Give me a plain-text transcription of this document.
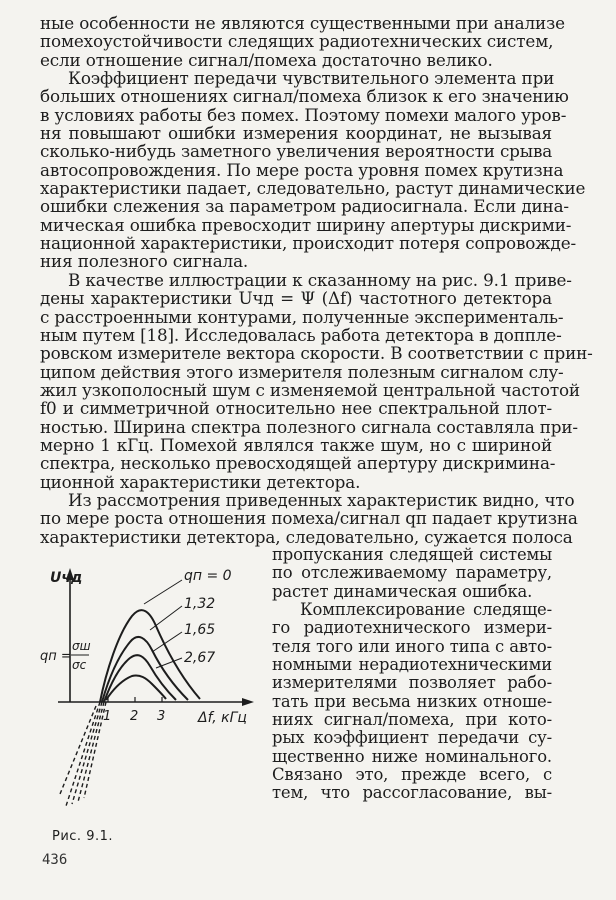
ные особенности не являются существенными при анализе
помехоустойчивости следящих радиотехнических систем,
если отношение сигнал/помеха достаточно велико.
Коэффициент передачи чувствительного элемента при
больших отношениях сигнал/помеха близок к его значению
в условиях работы без помех. Поэтому помехи малого уров-
ня повышают ошибки измерения координат, не вызывая
сколько-нибудь заметного увеличения вероятности срыва
автосопровождения. По мере роста уровня помех крутизна
характеристики падает, следовательно, растут динамические
ошибки слежения за параметром радиосигнала. Если дина-
мическая ошибка превосходит ширину апертуры дискрими-
национной характеристики, происходит потеря сопровожде-
ния полезного сигнала.
В качестве иллюстрации к сказанному на рис. 9.1 приве-
дены характеристики Uчд = Ψ (Δf) частотного детектора
с расстроенными контурами, полученные эксперименталь-
ным путем [18]. Исследовалась работа детектора в доппле-
ровском измерителе вектора скорости. В соответствии с прин-
ципом действия этого измерителя полезным сигналом слу-
жил узкополосный шум с изменяемой центральной частотой
f0 и симметричной относительно нее спектральной плот-
ностью. Ширина спектра полезного сигнала составляла при-
мерно 1 кГц. Помехой являлся также шум, но с шириной
спектра, несколько превосходящей апертуру дискримина-
ционной характеристики детектора.
Из рассмотрения приведенных характеристик видно, что
по мере роста отношения помеха/сигнал qп падает крутизна
характеристики детектора, следовательно, сужается полоса
1 2 3
Uчд
Δf, кГц
qп =
σш
σc
qп = 0
1,32
1,65
2,67
Рис. 9.1.
436
пропускания следящей системы
по отслеживаемому параметру,
растет динамическая ошибка.
Комплексирование следяще-
го радиотехнического измери-
теля того или иного типа с авто-
номными нерадиотехническими
измерителями позволяет рабо-
тать при весьма низких отноше-
ниях сигнал/помеха, при кото-
рых коэффициент передачи су-
щественно ниже номинального.
Связано это, прежде всего, с
тем, что рассогласование, вы-
